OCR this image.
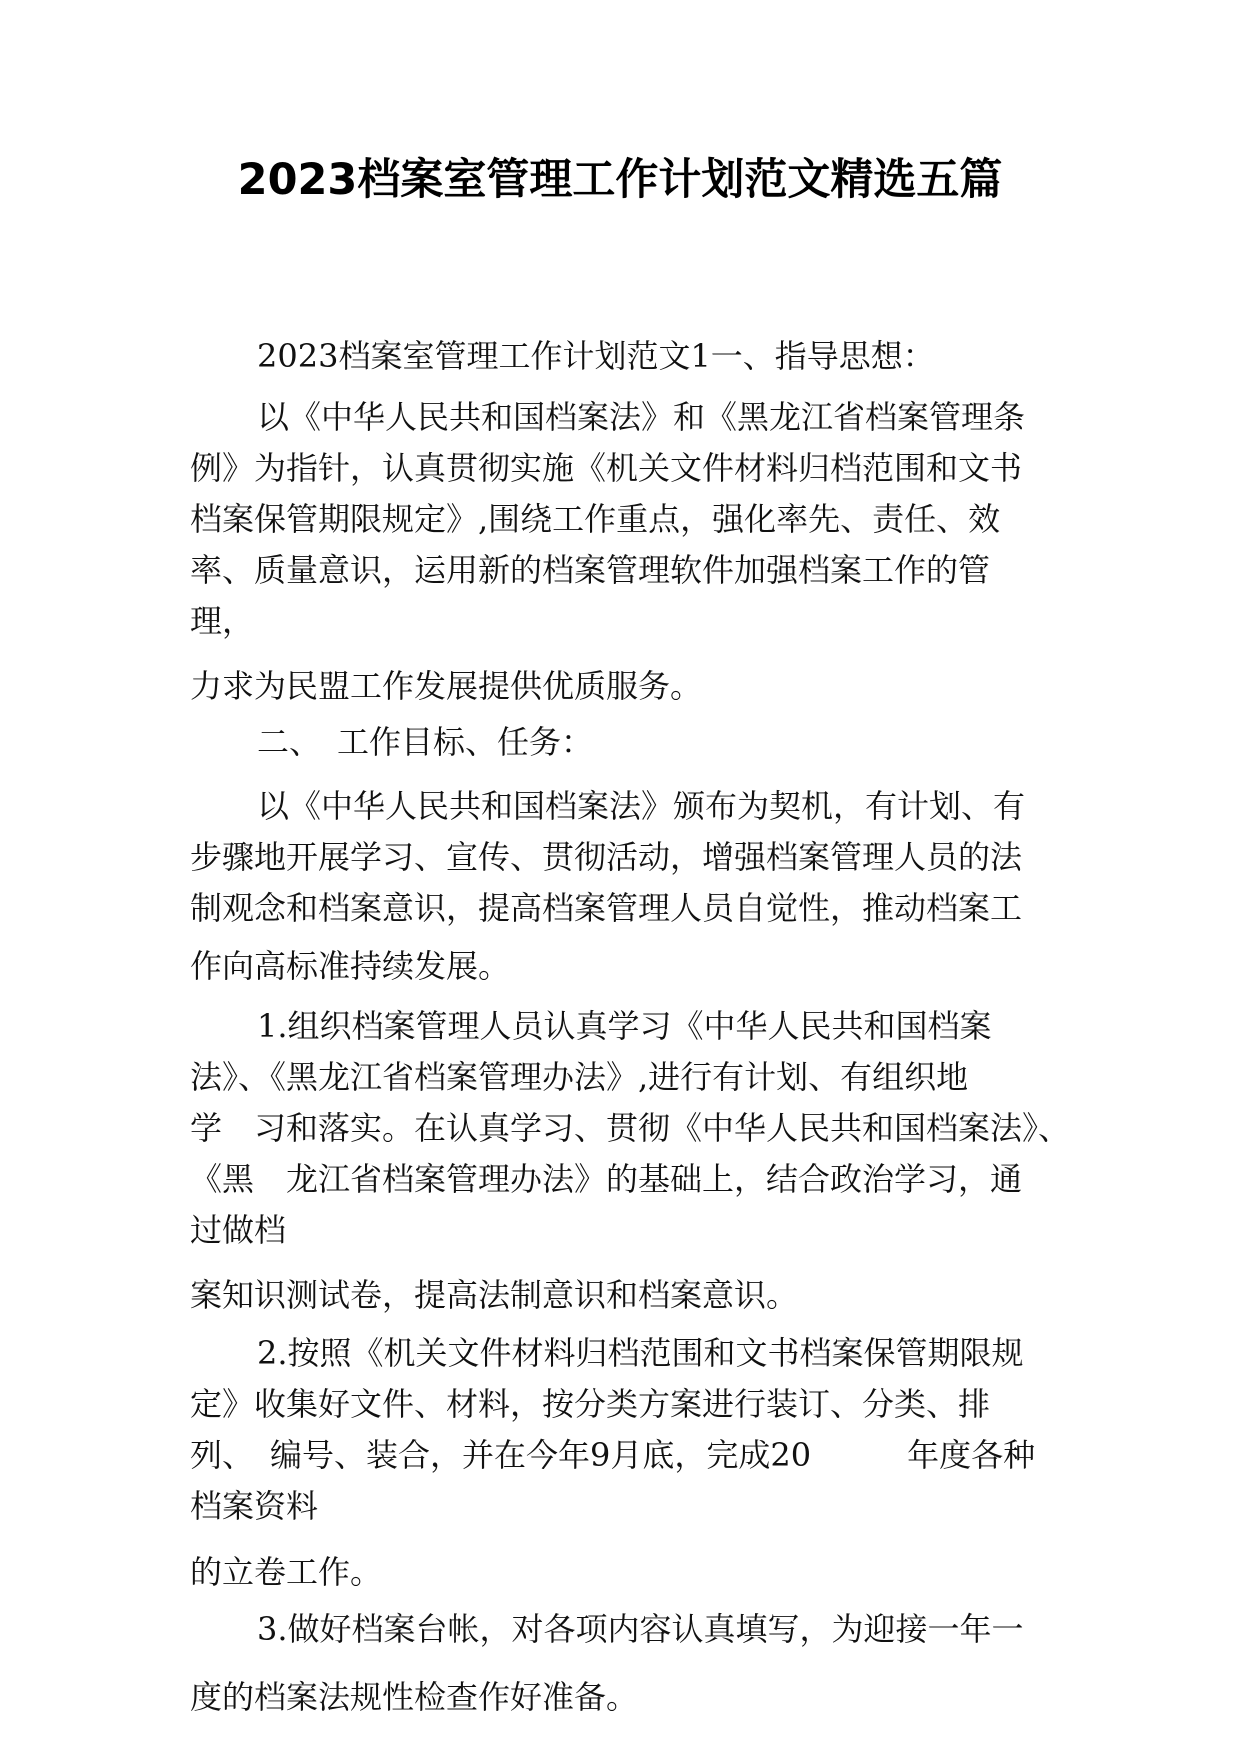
2023档案室管理工作计划范文精选五篇
2023档案室管理工作计划范文1一、指导思想：
以《中华人民共和国档案法》和《黑龙江省档案管理条
例》为指针，认真贯彻实施《机关文件材料归档范围和文书
档案保管期限规定》,围绕工作重点，强化率先、责任、效
率、质量意识，运用新的档案管理软件加强档案工作的管
理，
力求为民盟工作发展提供优质服务。
二、　工作目标、任务：
以《中华人民共和国档案法》颁布为契机，有计划、有
步骤地开展学习、宣传、贯彻活动，增强档案管理人员的法
制观念和档案意识，提高档案管理人员自觉性，推动档案工
作向高标准持续发展。
1.组织档案管理人员认真学习《中华人民共和国档案
法》、《黑龙江省档案管理办法》,进行有计划、有组织地
学　习和落实。在认真学习、贯彻《中华人民共和国档案法》、
《黑　龙江省档案管理办法》的基础上，结合政治学习，通
过做档
案知识测试卷，提高法制意识和档案意识。
2.按照《机关文件材料归档范围和文书档案保管期限规
定》收集好文件、材料，按分类方案进行装订、分类、排
列、　编号、装合，并在今年9月底，完成20　　　年度各种
档案资料
的立卷工作。
3.做好档案台帐，对各项内容认真填写，为迎接一年一
度的档案法规性检查作好准备。
